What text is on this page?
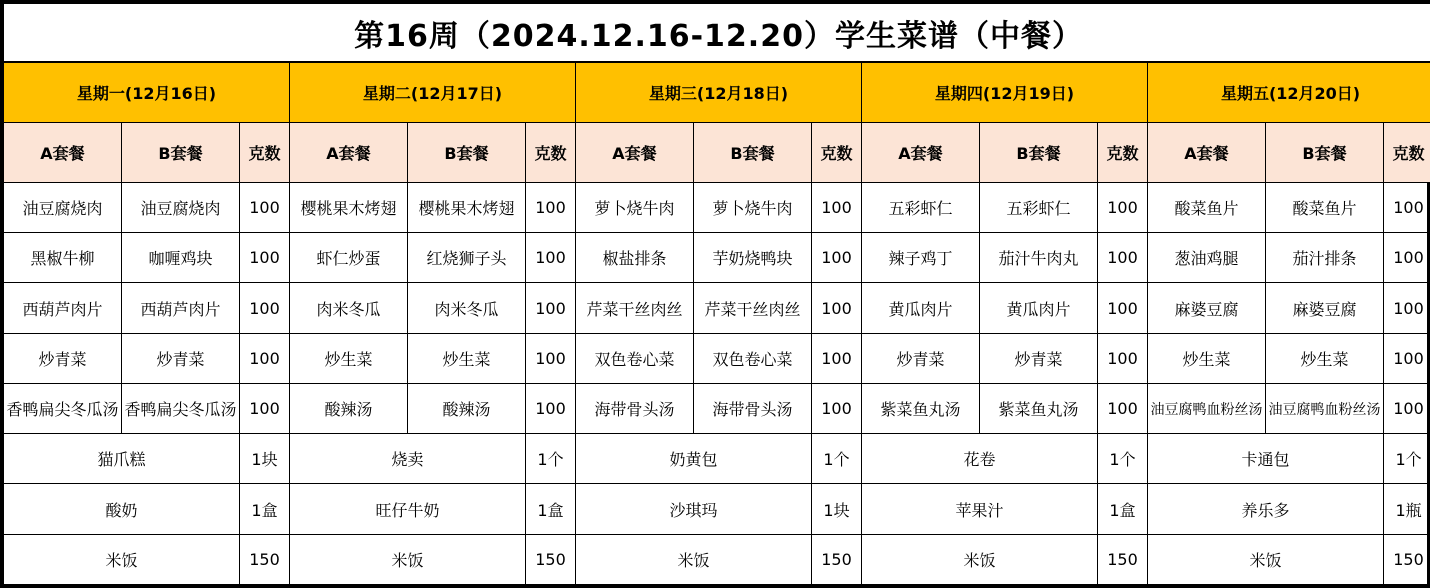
第16周（2024.12.16-12.20）学生菜谱（中餐）														
星期一(12月16日)			星期二(12月17日)			星期三(12月18日)			星期四(12月19日)			星期五(12月20日)		
A套餐	B套餐	克数	A套餐	B套餐	克数	A套餐	B套餐	克数	A套餐	B套餐	克数	A套餐	B套餐	克数
油豆腐烧肉	油豆腐烧肉	100	樱桃果木烤翅	樱桃果木烤翅	100	萝卜烧牛肉	萝卜烧牛肉	100	五彩虾仁	五彩虾仁	100	酸菜鱼片	酸菜鱼片	100
黑椒牛柳	咖喱鸡块	100	虾仁炒蛋	红烧狮子头	100	椒盐排条	芋奶烧鸭块	100	辣子鸡丁	茄汁牛肉丸	100	葱油鸡腿	茄汁排条	100
西葫芦肉片	西葫芦肉片	100	肉米冬瓜	肉米冬瓜	100	芹菜干丝肉丝	芹菜干丝肉丝	100	黄瓜肉片	黄瓜肉片	100	麻婆豆腐	麻婆豆腐	100
炒青菜	炒青菜	100	炒生菜	炒生菜	100	双色卷心菜	双色卷心菜	100	炒青菜	炒青菜	100	炒生菜	炒生菜	100
香鸭扁尖冬瓜汤	香鸭扁尖冬瓜汤	100	酸辣汤	酸辣汤	100	海带骨头汤	海带骨头汤	100	紫菜鱼丸汤	紫菜鱼丸汤	100	油豆腐鸭血粉丝汤	油豆腐鸭血粉丝汤	100
猫爪糕		1块	烧卖		1个	奶黄包		1个	花卷		1个	卡通包		1个
酸奶		1盒	旺仔牛奶		1盒	沙琪玛		1块	苹果汁		1盒	养乐多		1瓶
米饭		150	米饭		150	米饭		150	米饭		150	米饭		150
